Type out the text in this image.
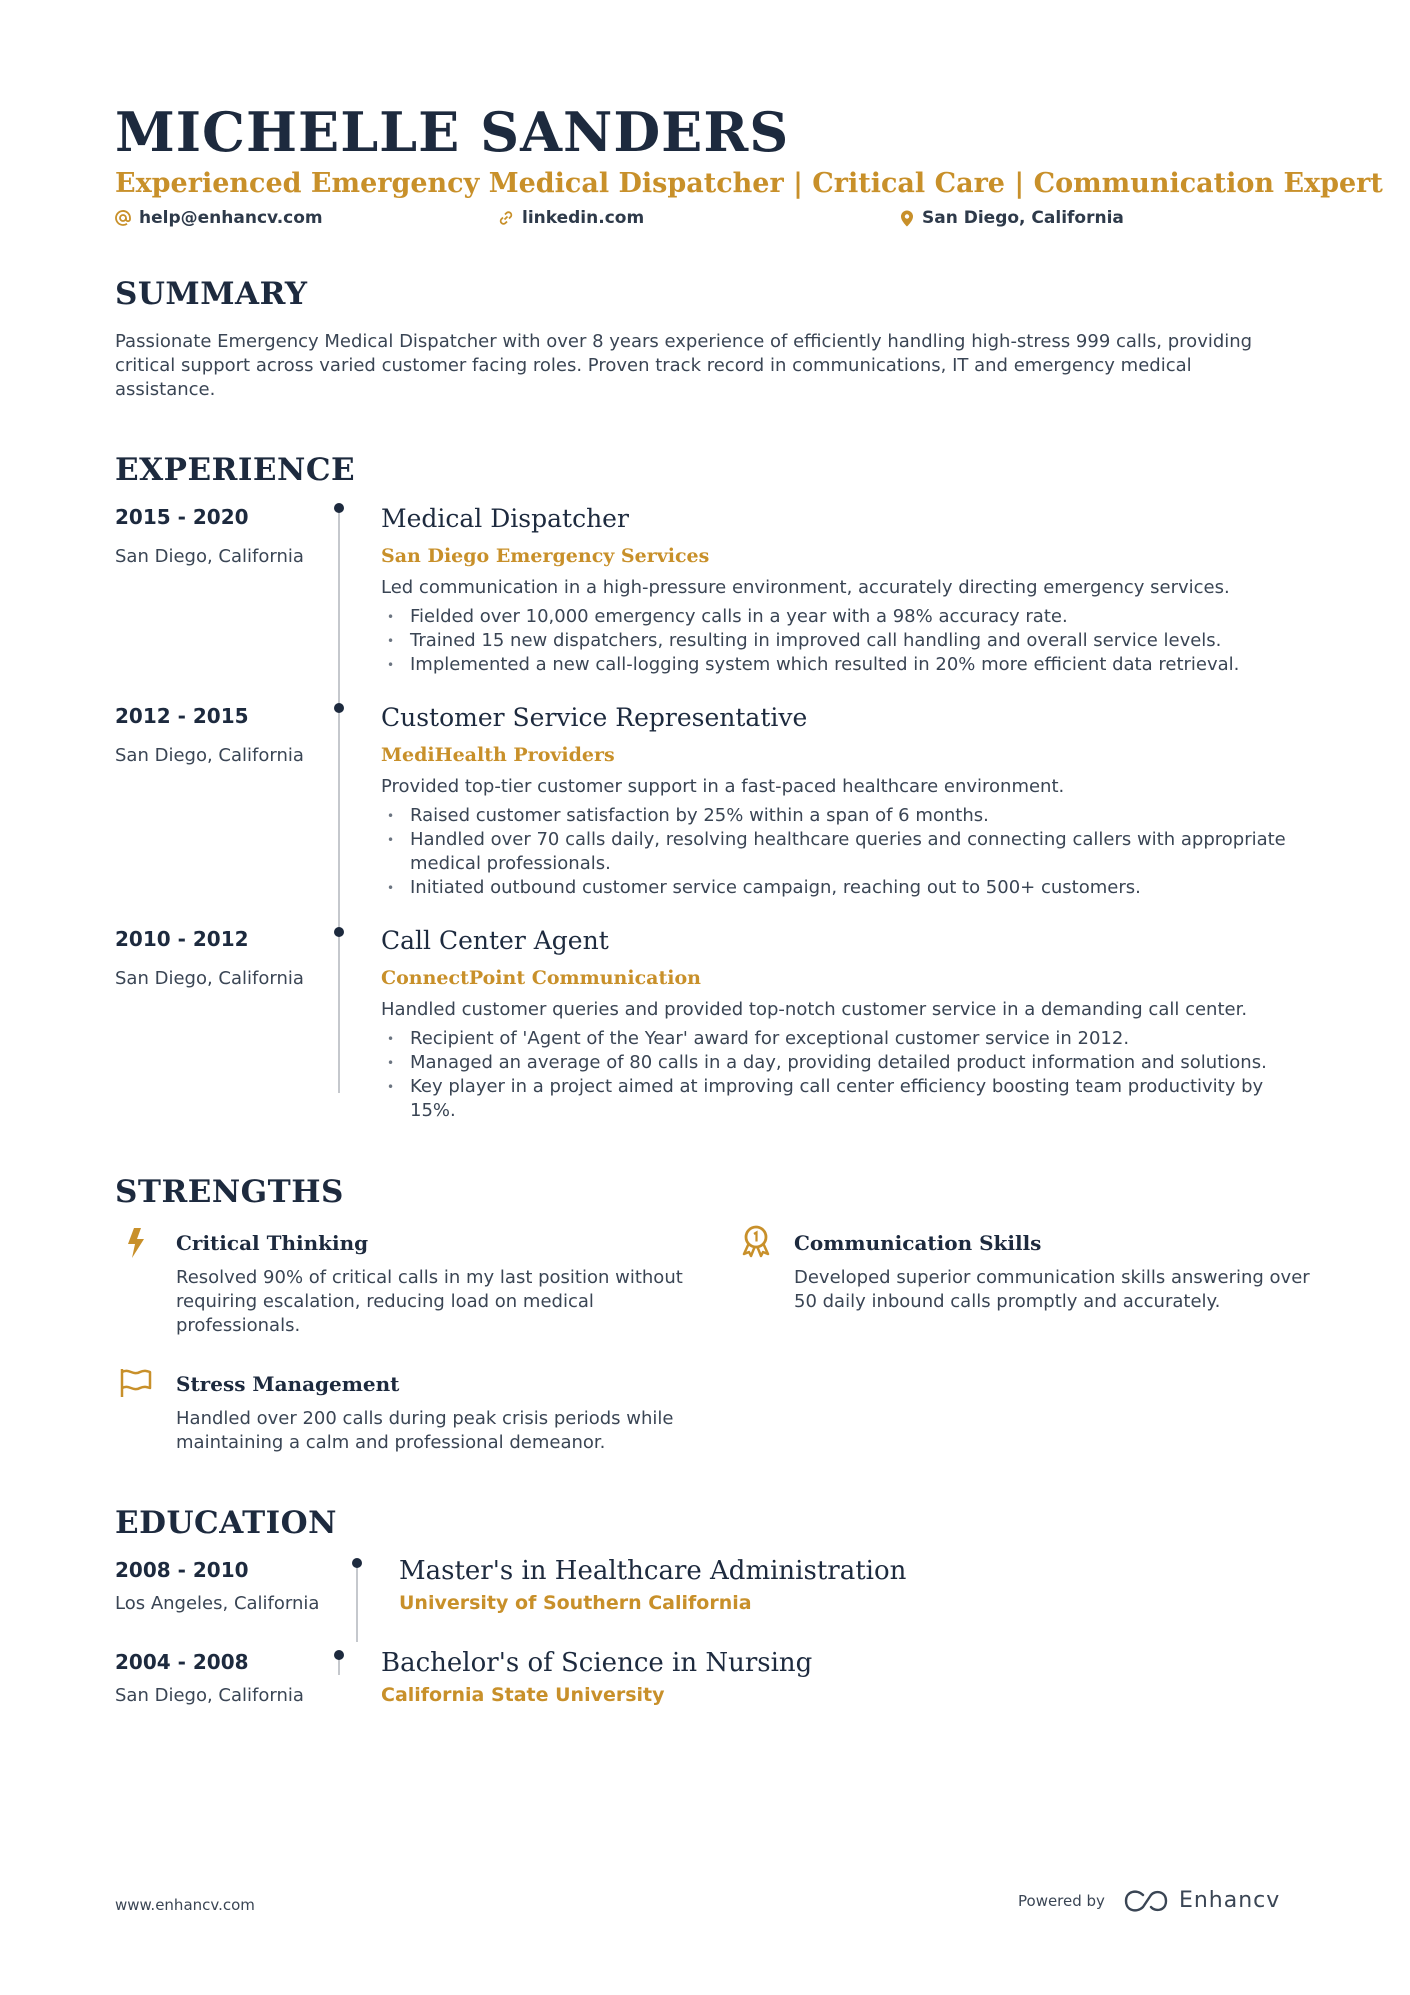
MICHELLE SANDERS
Experienced Emergency Medical Dispatcher | Critical Care | Communication Expert
help@enhancv.com	linkedin.com	San Diego, California
SUMMARY

Passionate Emergency Medical Dispatcher with over 8 years experience of efficiently handling high-stress 999 calls, providing critical support across varied customer facing roles. Proven track record in communications, IT and emergency medical assistance.

EXPERIENCE
2015 - 2020
San Diego, California
Medical Dispatcher
San Diego Emergency Services
Led communication in a high-pressure environment, accurately directing emergency services.
• Fielded over 10,000 emergency calls in a year with a 98% accuracy rate.
• Trained 15 new dispatchers, resulting in improved call handling and overall service levels.
• Implemented a new call-logging system which resulted in 20% more efficient data retrieval.
2012 - 2015
San Diego, California
Customer Service Representative
MediHealth Providers
Provided top-tier customer support in a fast-paced healthcare environment.
• Raised customer satisfaction by 25% within a span of 6 months.
• Handled over 70 calls daily, resolving healthcare queries and connecting callers with appropriate medical professionals.
• Initiated outbound customer service campaign, reaching out to 500+ customers.
2010 - 2012
San Diego, California
Call Center Agent
ConnectPoint Communication
Handled customer queries and provided top-notch customer service in a demanding call center.
• Recipient of 'Agent of the Year' award for exceptional customer service in 2012.
• Managed an average of 80 calls in a day, providing detailed product information and solutions.
• Key player in a project aimed at improving call center efficiency boosting team productivity by 15%.
STRENGTHS
Critical Thinking
Resolved 90% of critical calls in my last position without requiring escalation, reducing load on medical professionals.
Communication Skills
Developed superior communication skills answering over 50 daily inbound calls promptly and accurately.
Stress Management
Handled over 200 calls during peak crisis periods while maintaining a calm and professional demeanor.
EDUCATION
2008 - 2010
Los Angeles, California
Master's in Healthcare Administration
University of Southern California
2004 - 2008
San Diego, California
Bachelor's of Science in Nursing
California State University
www.enhancv.com	Powered by	Enhancv
